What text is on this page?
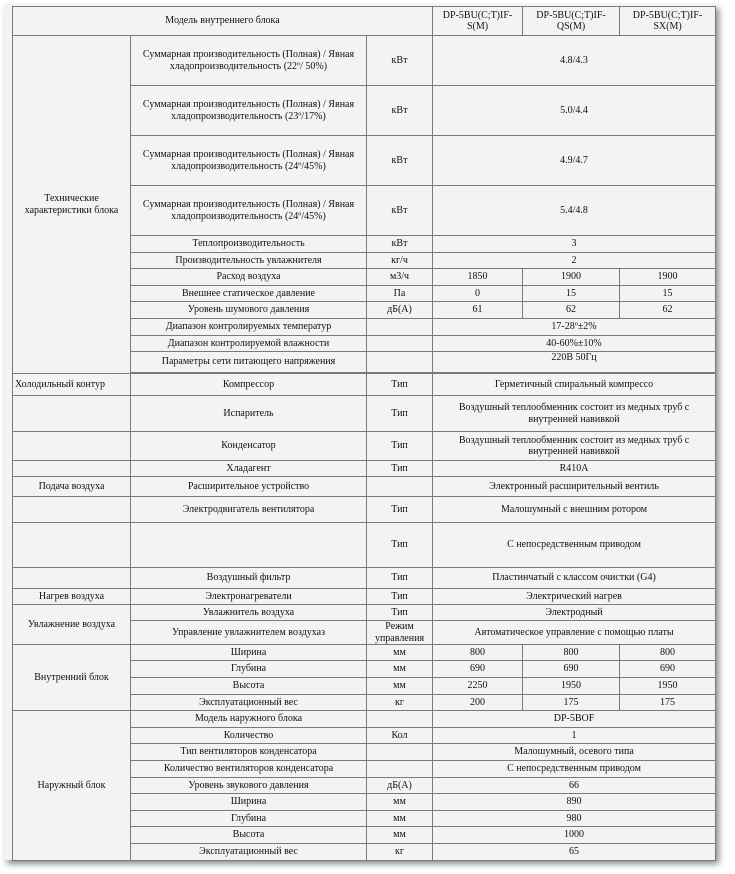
Модель внутреннего блока			DP-5BU(C;T)IF-S(M)	DP-5BU(C;T)IF-QS(M)	DP-5BU(C;T)IF-SX(M)
Технические характеристики блока	Суммарная производительность (Полная) / Явная хладопроизводительность (22º/ 50%)	кВт	4.8/4.3		
	Суммарная производительность (Полная) / Явная хладопроизводительность (23º/17%)	кВт	5.0/4.4		
	Суммарная производительность (Полная) / Явная хладопроизводительность (24º/45%)	кВт	4.9/4.7		
	Суммарная производительность (Полная) / Явная хладопроизводительность (24º/45%)	кВт	5.4/4.8		
	Теплопроизводительность	кВт	3		
	Производительность увлажнителя	кг/ч	2		
	Расход воздуха	м3/ч	1850	1900	1900
	Внешнее статическое давление	Па	0	15	15
	Уровень шумового давления	дБ(А)	61	62	62
	Диапазон контролируемых температур		17-28º±2%		
	Диапазон контролируемой влажности		40-60%±10%		
	Параметры сети питающего напряжения		220В 50Гц		

Холодильный контур	Компрессор	Тип	Герметичный спиральный компрессо		
	Испаритель	Тип	Воздушный теплообменник состоит из медных труб с внутренней навивкой		
	Конденсатор	Тип	Воздушный теплообменник состоит из медных труб с внутренней навивкой		
	Хладагент	Тип	R410A		
Подача воздуха	Расширительное устройство		Электронный расширительный вентиль		
	Электродвигатель вентилятора	Тип	Малошумный с внешним ротором		
		Тип	С непосредственным приводом		
	Воздушный фильтр	Тип	Пластинчатый с классом очистки (G4)		
Нагрев воздуха	Электронагреватели	Тип	Электрический нагрев		
Увлажнение воздуха	Увлажнитель воздуха	Тип	Электродный		
	Управление увлажнителем воздухаз	Режим управления	Автоматическое управление с помощью платы		
Внутренний блок	Ширина	мм	800	800	800
	Глубина	мм	690	690	690
	Высота	мм	2250	1950	1950
	Эксплуатационный вес	кг	200	175	175
Наружный блок	Модель наружного блока		DP-5BOF		
	Количество	Кол	1		
	Тип вентиляторов конденсатора		Малошумный, осевого типа		
	Количество вентиляторов конденсатора		С непосредственным приводом		
	Уровень звукового давления	дБ(А)	66		
	Ширина	мм	890		
	Глубина	мм	980		
	Высота	мм	1000		
	Эксплуатационный вес	кг	65		
